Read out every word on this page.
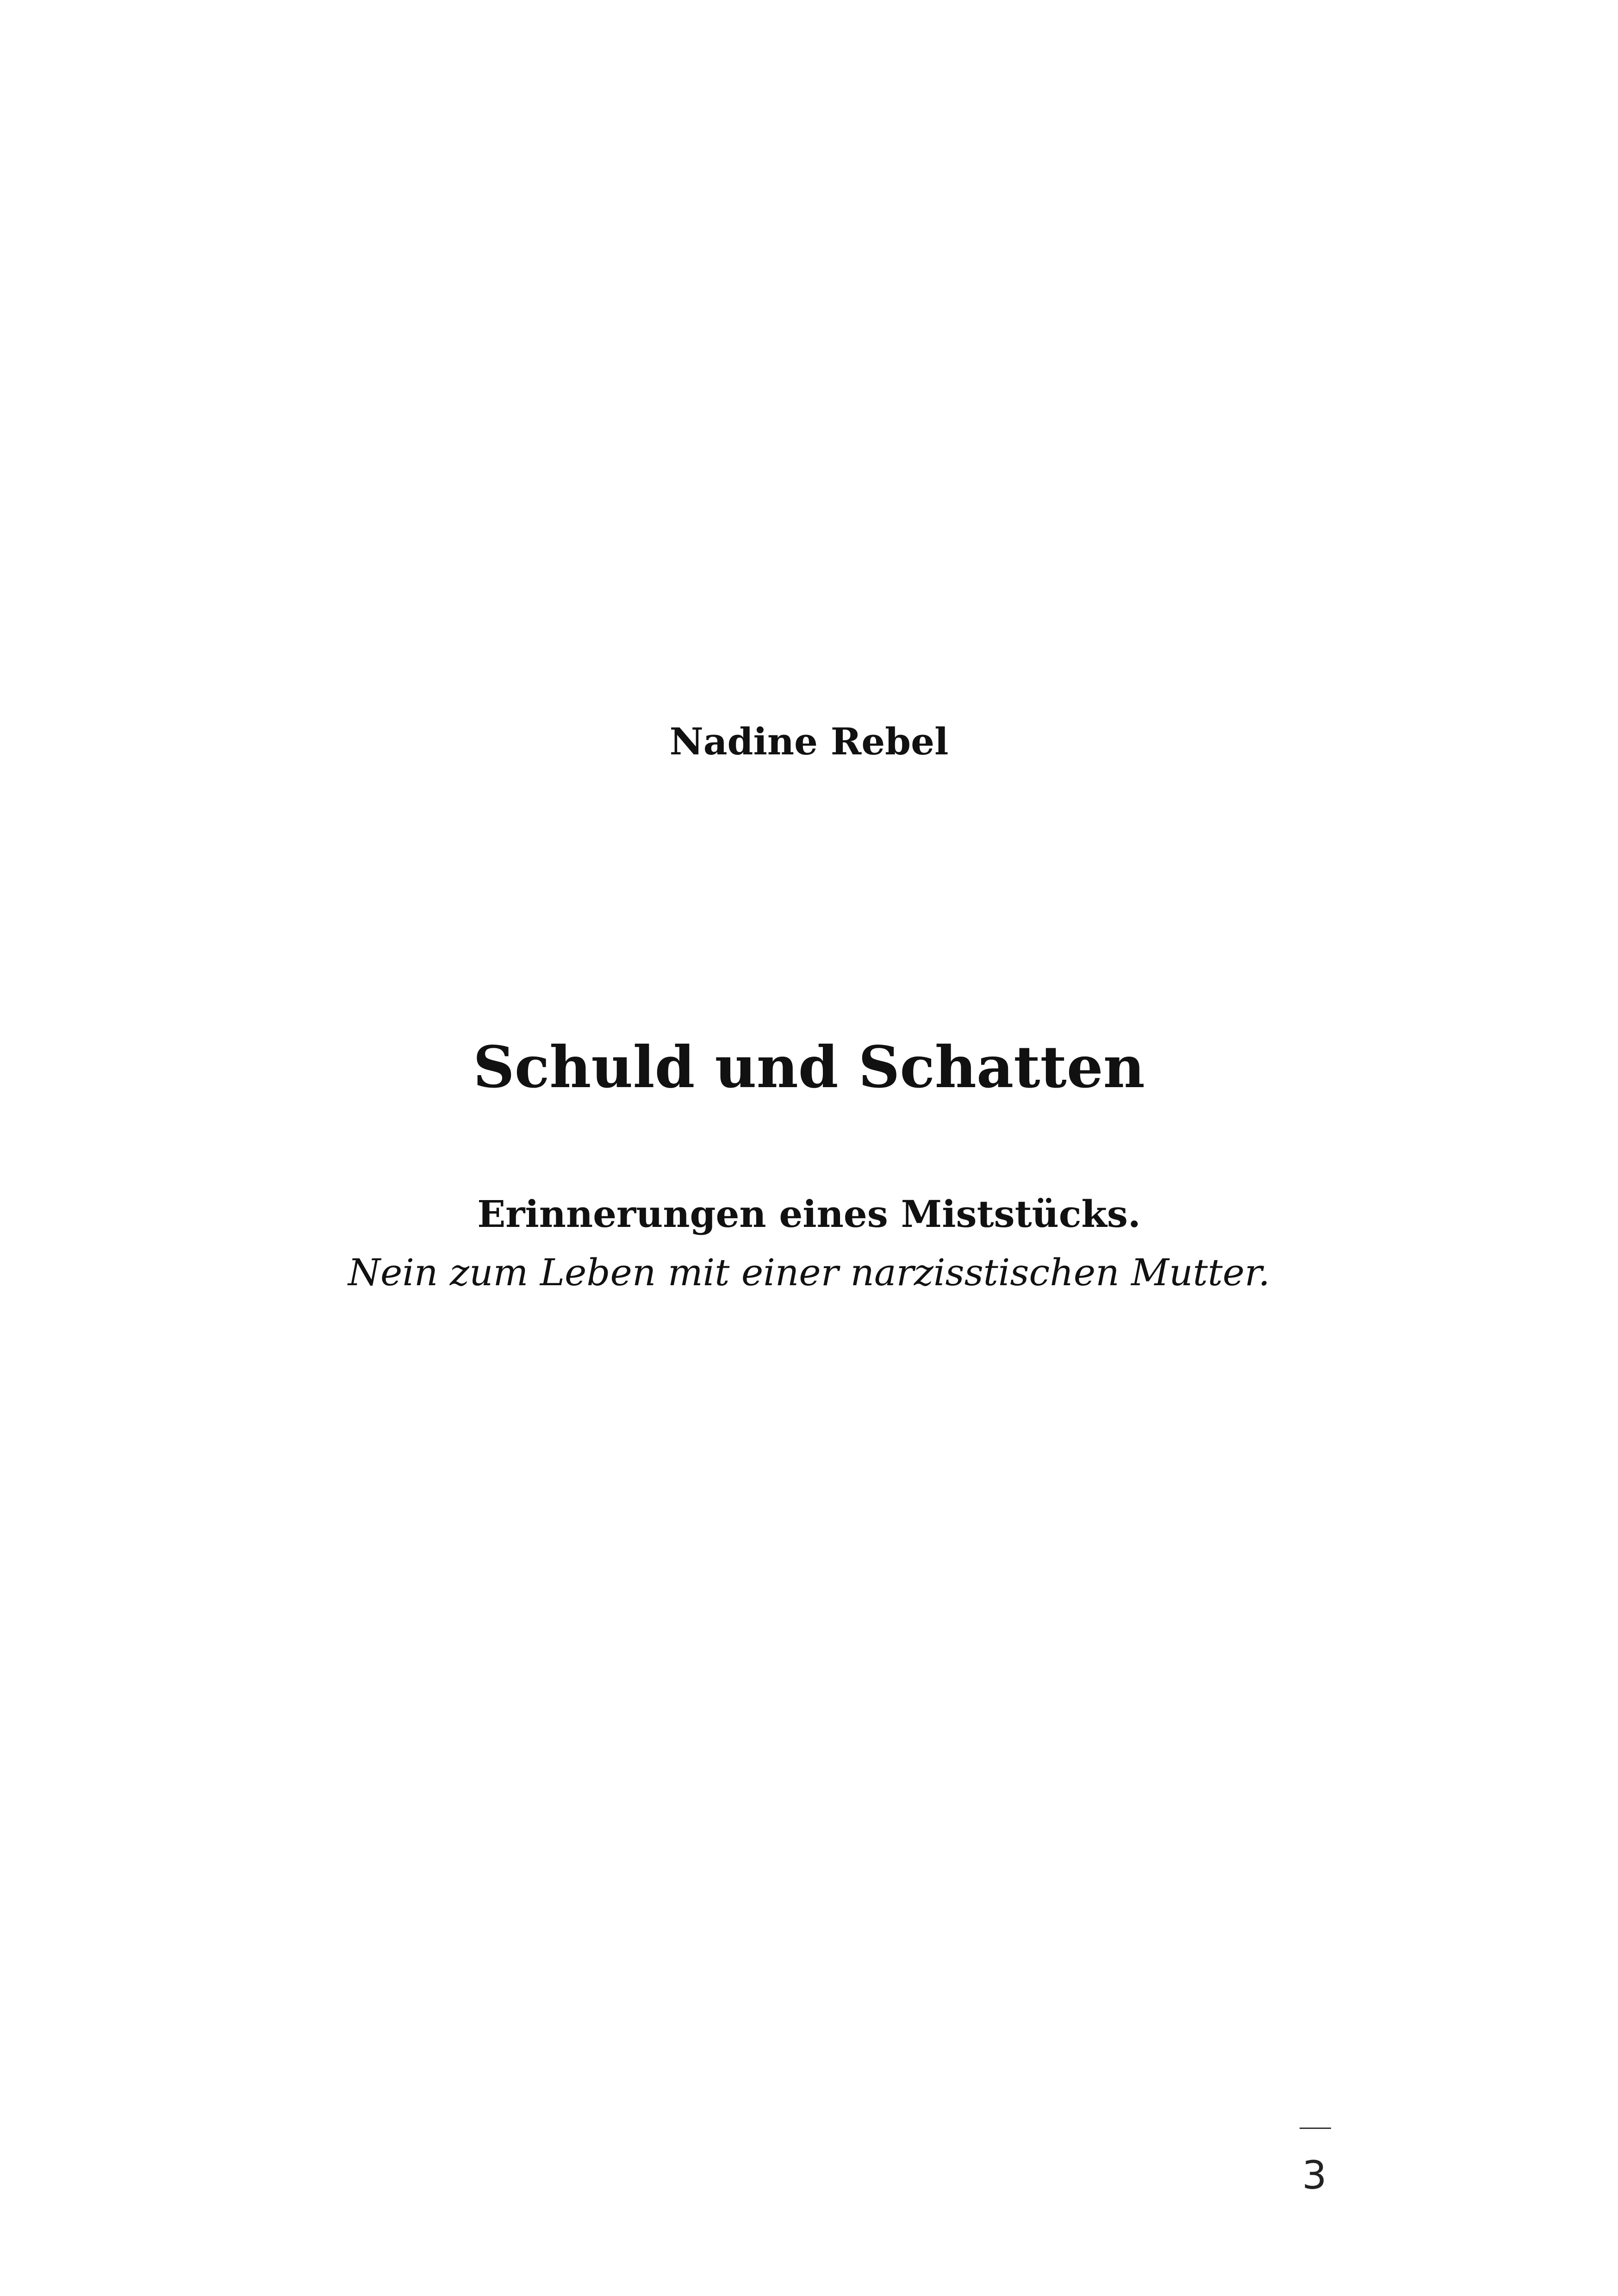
Nadine Rebel

Schuld und Schatten

Erinnerungen eines Miststücks.

Nein zum Leben mit einer narzisstischen Mutter.

3
